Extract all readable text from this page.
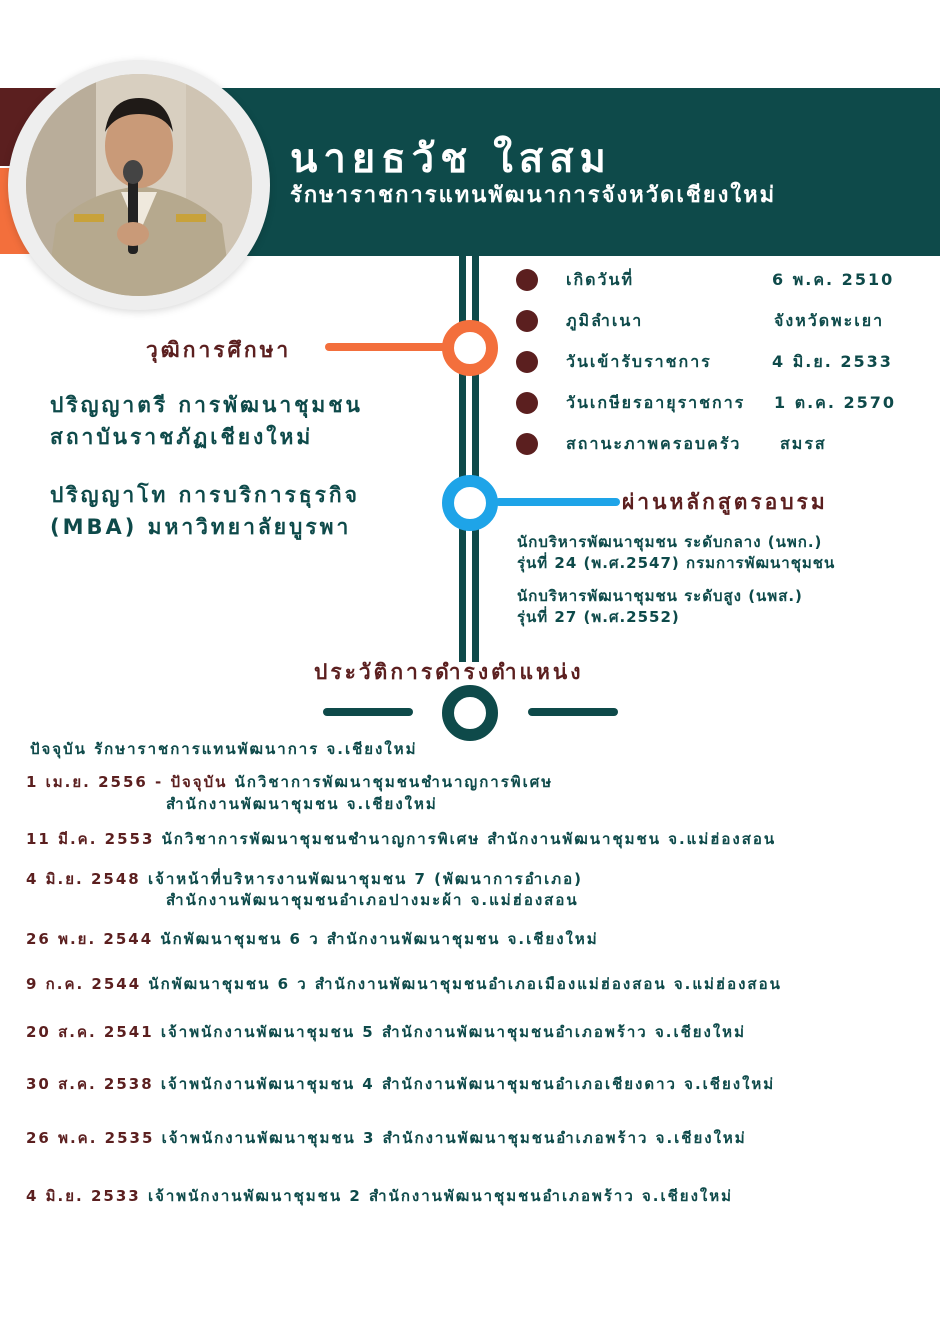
นายธวัช ใสสม
รักษาราชการแทนพัฒนาการจังหวัดเชียงใหม่
เกิดวันที่	6 พ.ค. 2510
ภูมิลำเนา	จังหวัดพะเยา
วันเข้ารับราชการ	4 มิ.ย. 2533
วันเกษียรอายุราชการ 1 ต.ค. 2570
สถานะภาพครอบครัว สมรส
วุฒิการศึกษา
ปริญญาตรี การพัฒนาชุมชน
สถาบันราชภัฏเชียงใหม่
ปริญญาโท การบริการธุรกิจ
(MBA) มหาวิทยาลัยบูรพา
ผ่านหลักสูตรอบรม
นักบริหารพัฒนาชุมชน ระดับกลาง (นพก.)
รุ่นที่ 24 (พ.ศ.2547) กรมการพัฒนาชุมชน
นักบริหารพัฒนาชุมชน ระดับสูง (นพส.)
รุ่นที่ 27 (พ.ศ.2552)
ประวัติการดำรงตำแหน่ง
ปัจจุบัน รักษาราชการแทนพัฒนาการ จ.เชียงใหม่
1 เม.ย. 2556 - ปัจจุบัน นักวิชาการพัฒนาชุมชนชำนาญการพิเศษ
สำนักงานพัฒนาชุมชน จ.เชียงใหม่
11 มี.ค. 2553 นักวิชาการพัฒนาชุมชนชำนาญการพิเศษ สำนักงานพัฒนาชุมชน จ.แม่ฮ่องสอน
4 มิ.ย. 2548 เจ้าหน้าที่บริหารงานพัฒนาชุมชน 7 (พัฒนาการอำเภอ)
สำนักงานพัฒนาชุมชนอำเภอปางมะผ้า จ.แม่ฮ่องสอน
26 พ.ย. 2544 นักพัฒนาชุมชน 6 ว สำนักงานพัฒนาชุมชน จ.เชียงใหม่
9 ก.ค. 2544 นักพัฒนาชุมชน 6 ว สำนักงานพัฒนาชุมชนอำเภอเมืองแม่ฮ่องสอน จ.แม่ฮ่องสอน
20 ส.ค. 2541 เจ้าพนักงานพัฒนาชุมชน 5 สำนักงานพัฒนาชุมชนอำเภอพร้าว จ.เชียงใหม่
30 ส.ค. 2538 เจ้าพนักงานพัฒนาชุมชน 4 สำนักงานพัฒนาชุมชนอำเภอเชียงดาว จ.เชียงใหม่
26 พ.ค. 2535 เจ้าพนักงานพัฒนาชุมชน 3 สำนักงานพัฒนาชุมชนอำเภอพร้าว จ.เชียงใหม่
4 มิ.ย. 2533 เจ้าพนักงานพัฒนาชุมชน 2 สำนักงานพัฒนาชุมชนอำเภอพร้าว จ.เชียงใหม่
